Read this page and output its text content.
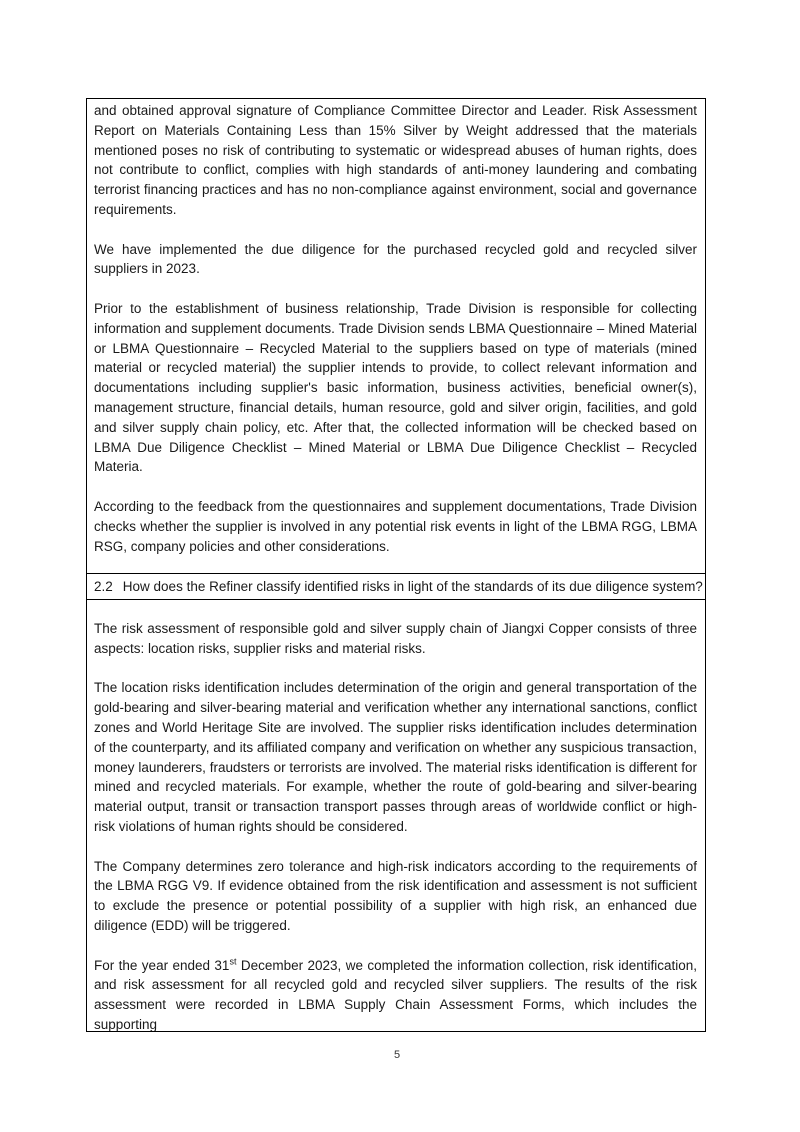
and obtained approval signature of Compliance Committee Director and Leader. Risk Assessment Report on Materials Containing Less than 15% Silver by Weight addressed that the materials mentioned poses no risk of contributing to systematic or widespread abuses of human rights, does not contribute to conflict, complies with high standards of anti-money laundering and combating terrorist financing practices and has no non-compliance against environment, social and governance requirements.

We have implemented the due diligence for the purchased recycled gold and recycled silver suppliers in 2023.

Prior to the establishment of business relationship, Trade Division is responsible for collecting information and supplement documents. Trade Division sends LBMA Questionnaire – Mined Material or LBMA Questionnaire – Recycled Material to the suppliers based on type of materials (mined material or recycled material) the supplier intends to provide, to collect relevant information and documentations including supplier's basic information, business activities, beneficial owner(s), management structure, financial details, human resource, gold and silver origin, facilities, and gold and silver supply chain policy, etc. After that, the collected information will be checked based on LBMA Due Diligence Checklist – Mined Material or LBMA Due Diligence Checklist – Recycled Materia.

According to the feedback from the questionnaires and supplement documentations, Trade Division checks whether the supplier is involved in any potential risk events in light of the LBMA RGG, LBMA RSG, company policies and other considerations.

2.2 How does the Refiner classify identified risks in light of the standards of its due diligence system?

The risk assessment of responsible gold and silver supply chain of Jiangxi Copper consists of three aspects: location risks, supplier risks and material risks.

The location risks identification includes determination of the origin and general transportation of the gold-bearing and silver-bearing material and verification whether any international sanctions, conflict zones and World Heritage Site are involved. The supplier risks identification includes determination of the counterparty, and its affiliated company and verification on whether any suspicious transaction, money launderers, fraudsters or terrorists are involved. The material risks identification is different for mined and recycled materials. For example, whether the route of gold-bearing and silver-bearing material output, transit or transaction transport passes through areas of worldwide conflict or high-risk violations of human rights should be considered.

The Company determines zero tolerance and high-risk indicators according to the requirements of the LBMA RGG V9. If evidence obtained from the risk identification and assessment is not sufficient to exclude the presence or potential possibility of a supplier with high risk, an enhanced due diligence (EDD) will be triggered.

For the year ended 31st December 2023, we completed the information collection, risk identification, and risk assessment for all recycled gold and recycled silver suppliers. The results of the risk assessment were recorded in LBMA Supply Chain Assessment Forms, which includes the supporting

5
